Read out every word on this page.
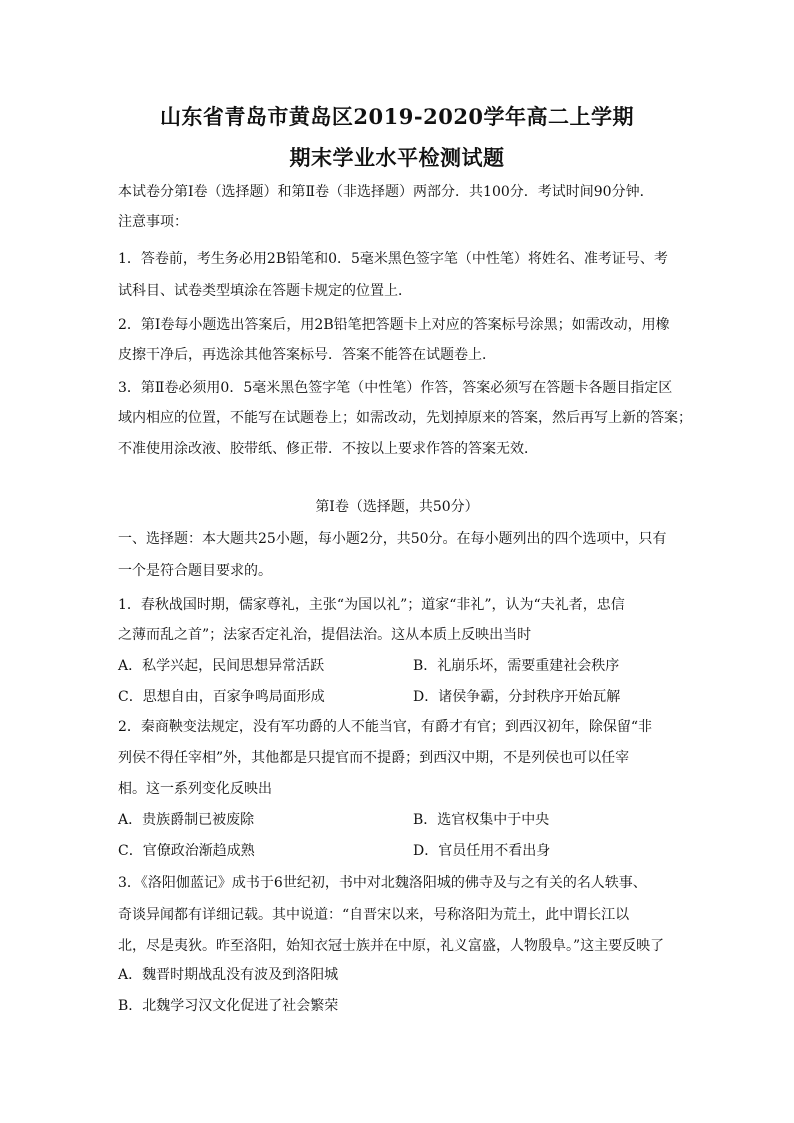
山东省青岛市黄岛区2019-2020学年高二上学期
期末学业水平检测试题
本试卷分第Ⅰ卷（选择题）和第Ⅱ卷（非选择题）两部分．共100分．考试时间90分钟．
注意事项：
1．答卷前，考生务必用2B铅笔和0．5毫米黑色签字笔（中性笔）将姓名、准考证号、考
试科目、试卷类型填涂在答题卡规定的位置上．
2．第Ⅰ卷每小题选出答案后，用2B铅笔把答题卡上对应的答案标号涂黑；如需改动，用橡
皮擦干净后，再选涂其他答案标号．答案不能答在试题卷上．
3．第Ⅱ卷必须用0．5毫米黑色签字笔（中性笔）作答，答案必须写在答题卡各题目指定区
域内相应的位置，不能写在试题卷上；如需改动，先划掉原来的答案，然后再写上新的答案；
不准使用涂改液、胶带纸、修正带．不按以上要求作答的答案无效．
第Ⅰ卷（选择题，共50分）
一、选择题：本大题共25小题，每小题2分，共50分。在每小题列出的四个选项中，只有
一个是符合题目要求的。
1．春秋战国时期，儒家尊礼，主张“为国以礼”；道家“非礼”，认为“夫礼者，忠信
之薄而乱之首”；法家否定礼治，提倡法治。这从本质上反映出当时
A．私学兴起，民间思想异常活跃	B．礼崩乐坏，需要重建社会秩序
C．思想自由，百家争鸣局面形成	D．诸侯争霸，分封秩序开始瓦解
2．秦商鞅变法规定，没有军功爵的人不能当官，有爵才有官；到西汉初年，除保留“非
列侯不得任宰相”外，其他都是只提官而不提爵；到西汉中期，不是列侯也可以任宰
相。这一系列变化反映出
A．贵族爵制已被废除	B．选官权集中于中央
C．官僚政治渐趋成熟	D．官员任用不看出身
3．《洛阳伽蓝记》成书于6世纪初，书中对北魏洛阳城的佛寺及与之有关的名人轶事、
奇谈异闻都有详细记载。其中说道：“自晋宋以来，号称洛阳为荒土，此中谓长江以
北，尽是夷狄。昨至洛阳，始知衣冠士族并在中原，礼义富盛，人物殷阜。”这主要反映了
A．魏晋时期战乱没有波及到洛阳城
B．北魏学习汉文化促进了社会繁荣
